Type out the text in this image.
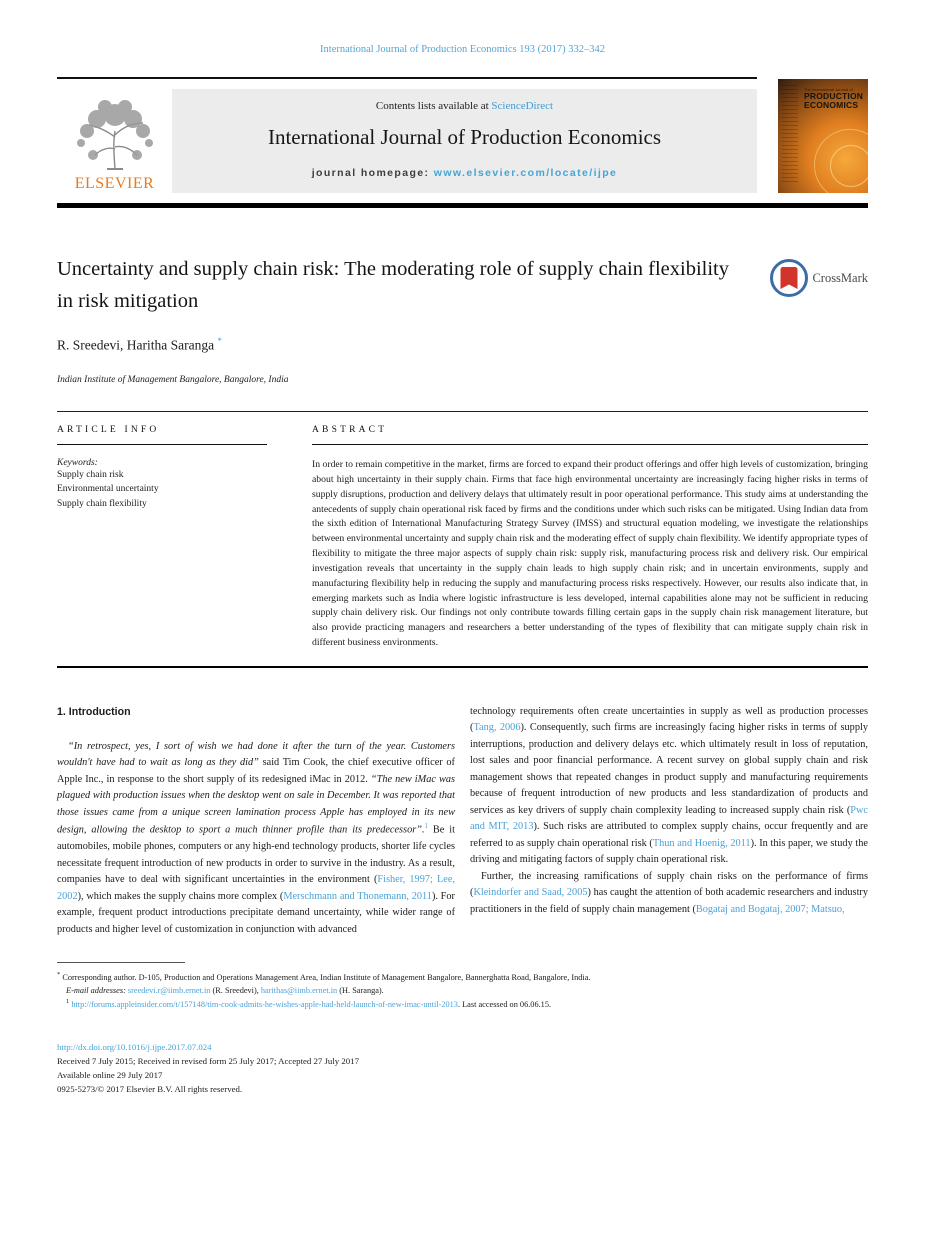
International Journal of Production Economics 193 (2017) 332–342
ELSEVIER
Contents lists available at ScienceDirect
International Journal of Production Economics
journal homepage: www.elsevier.com/locate/ijpe
The International Journal of
PRODUCTION
ECONOMICS
Uncertainty and supply chain risk: The moderating role of supply chain flexibility in risk mitigation
CrossMark
R. Sreedevi, Haritha Saranga *
Indian Institute of Management Bangalore, Bangalore, India
ARTICLE INFO
Keywords:
Supply chain risk
Environmental uncertainty
Supply chain flexibility
ABSTRACT
In order to remain competitive in the market, firms are forced to expand their product offerings and offer high levels of customization, bringing about high uncertainty in their supply chain. Firms that face high environmental uncertainty are increasingly facing higher risks in terms of supply disruptions, production and delivery delays that ultimately result in poor operational performance. This study aims at understanding the antecedents of supply chain operational risk faced by firms and the conditions under which such risks can be mitigated. Using Indian data from the sixth edition of International Manufacturing Strategy Survey (IMSS) and structural equation modeling, we investigate the relationships between environmental uncertainty and supply chain risk and the moderating effect of supply chain flexibility. We identify appropriate types of flexibility to mitigate the three major aspects of supply chain risk: supply risk, manufacturing process risk and delivery risk. Our empirical investigation reveals that uncertainty in the supply chain leads to high supply chain risk; and in uncertain environments, supply and manufacturing flexibility help in reducing the supply and manufacturing process risks respectively. However, our results also indicate that, in emerging markets such as India where logistic infrastructure is less developed, internal capabilities alone may not be sufficient in reducing supply chain delivery risk. Our findings not only contribute towards filling certain gaps in the supply chain risk management literature, but also provide practicing managers and researchers a better understanding of the types of flexibility that can mitigate supply chain risk in different business environments.
1. Introduction

“In retrospect, yes, I sort of wish we had done it after the turn of the year. Customers wouldn't have had to wait as long as they did” said Tim Cook, the chief executive officer of Apple Inc., in response to the short supply of its redesigned iMac in 2012. “The new iMac was plagued with production issues when the desktop went on sale in December. It was reported that those issues came from a unique screen lamination process Apple has employed in its new design, allowing the desktop to sport a much thinner profile than its predecessor”.$^1$ Be it automobiles, mobile phones, computers or any high-end technology products, shorter life cycles necessitate frequent introduction of new products in order to survive in the industry. As a result, companies have to deal with significant uncertainties in the environment (Fisher, 1997; Lee, 2002), which makes the supply chains more complex (Merschmann and Thonemann, 2011). For example, frequent product introductions precipitate demand uncertainty, while wider range of products and higher level of customization in conjunction with advanced

technology requirements often create uncertainties in supply as well as production processes (Tang, 2006). Consequently, such firms are increasingly facing higher risks in terms of supply interruptions, production and delivery delays etc. which ultimately result in loss of reputation, lost sales and poor financial performance. A recent survey on global supply chain and risk management shows that repeated changes in product supply and manufacturing requirements because of frequent introduction of new products and less standardization of products and services as key drivers of supply chain complexity leading to increased supply chain risk (Pwc and MIT, 2013). Such risks are attributed to complex supply chains, occur frequently and are referred to as supply chain operational risk (Thun and Hoenig, 2011). In this paper, we study the driving and mitigating factors of supply chain operational risk.

Further, the increasing ramifications of supply chain risks on the performance of firms (Kleindorfer and Saad, 2005) has caught the attention of both academic researchers and industry practitioners in the field of supply chain management (Bogataj and Bogataj, 2007; Matsuo,

* Corresponding author. D-105, Production and Operations Management Area, Indian Institute of Management Bangalore, Bannerghatta Road, Bangalore, India.
E-mail addresses: sreedevi.r@iimb.ernet.in (R. Sreedevi), harithas@iimb.ernet.in (H. Saranga).
$^1$ http://forums.appleinsider.com/t/157148/tim-cook-admits-he-wishes-apple-had-held-launch-of-new-imac-until-2013. Last accessed on 06.06.15.
http://dx.doi.org/10.1016/j.ijpe.2017.07.024
Received 7 July 2015; Received in revised form 25 July 2017; Accepted 27 July 2017
Available online 29 July 2017
0925-5273/© 2017 Elsevier B.V. All rights reserved.
